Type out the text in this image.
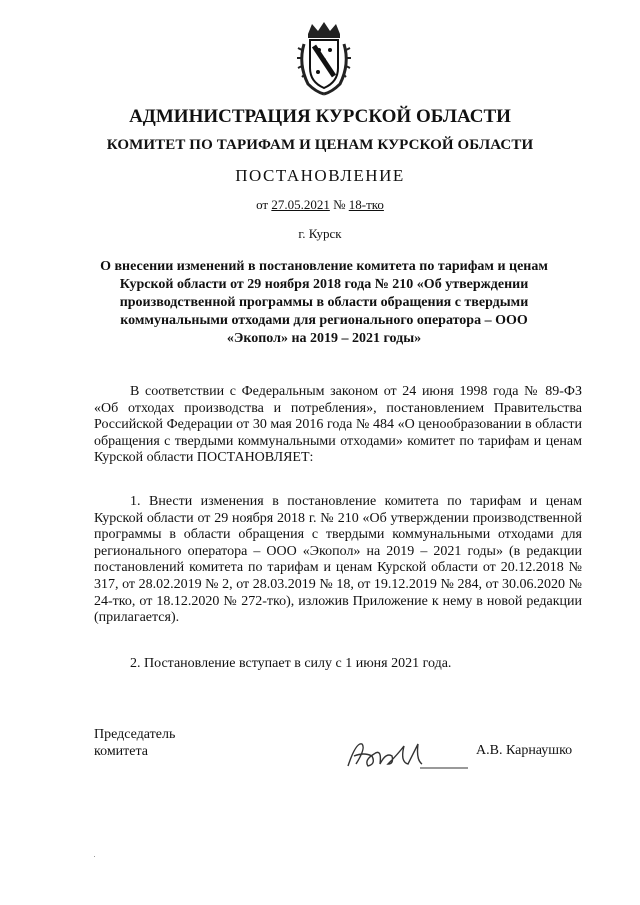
АДМИНИСТРАЦИЯ КУРСКОЙ ОБЛАСТИ
КОМИТЕТ ПО ТАРИФАМ И ЦЕНАМ КУРСКОЙ ОБЛАСТИ
ПОСТАНОВЛЕНИЕ
от 27.05.2021 № 18-тко
г. Курск
О внесении изменений в постановление комитета по тарифам и ценам Курской области от 29 ноября 2018 года № 210 «Об утверждении производственной программы в области обращения с твердыми коммунальными отходами для регионального оператора – ООО «Экопол» на 2019 – 2021 годы»
В соответствии с Федеральным законом от 24 июня 1998 года № 89-ФЗ «Об отходах производства и потребления», постановлением Правительства Российской Федерации от 30 мая 2016 года № 484 «О ценообразовании в области обращения с твердыми коммунальными отходами» комитет по тарифам и ценам Курской области ПОСТАНОВЛЯЕТ:
1. Внести изменения в постановление комитета по тарифам и ценам Курской области от 29 ноября 2018 г. № 210 «Об утверждении производственной программы в области обращения с твердыми коммунальными отходами для регионального оператора – ООО «Экопол» на 2019 – 2021 годы» (в редакции постановлений комитета по тарифам и ценам Курской области от 20.12.2018 № 317, от 28.02.2019 № 2, от 28.03.2019 № 18, от 19.12.2019 № 284, от 30.06.2020 № 24-тко, от 18.12.2020 № 272-тко), изложив Приложение к нему в новой редакции (прилагается).
2. Постановление вступает в силу с 1 июня 2021 года.
Председатель
комитета	А.В. Карнаушко
